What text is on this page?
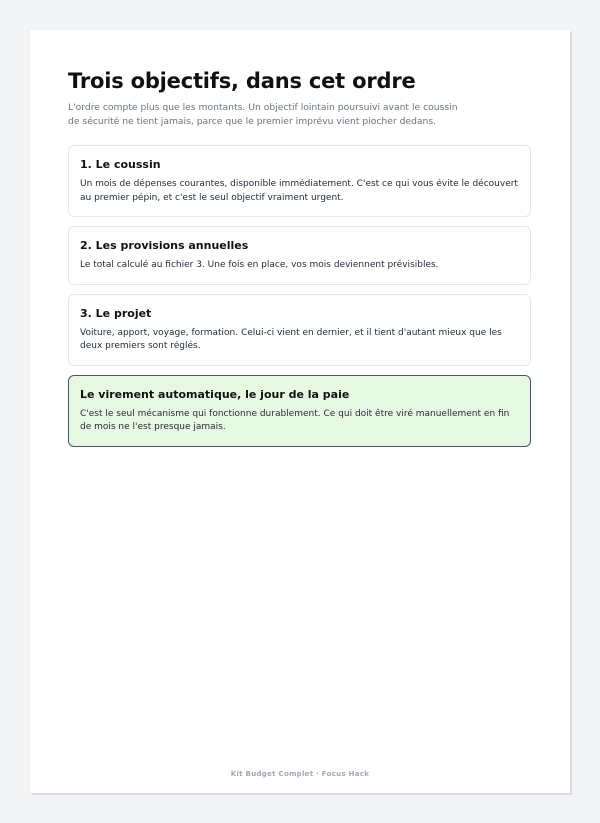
Trois objectifs, dans cet ordre

L'ordre compte plus que les montants. Un objectif lointain poursuivi avant le coussin de sécurité ne tient jamais, parce que le premier imprévu vient piocher dedans.

1. Le coussin

Un mois de dépenses courantes, disponible immédiatement. C'est ce qui vous évite le découvert au premier pépin, et c'est le seul objectif vraiment urgent.

2. Les provisions annuelles

Le total calculé au fichier 3. Une fois en place, vos mois deviennent prévisibles.

3. Le projet

Voiture, apport, voyage, formation. Celui-ci vient en dernier, et il tient d'autant mieux que les deux premiers sont réglés.

Le virement automatique, le jour de la paie

C'est le seul mécanisme qui fonctionne durablement. Ce qui doit être viré manuellement en fin de mois ne l'est presque jamais.

Kit Budget Complet · Focus Hack
